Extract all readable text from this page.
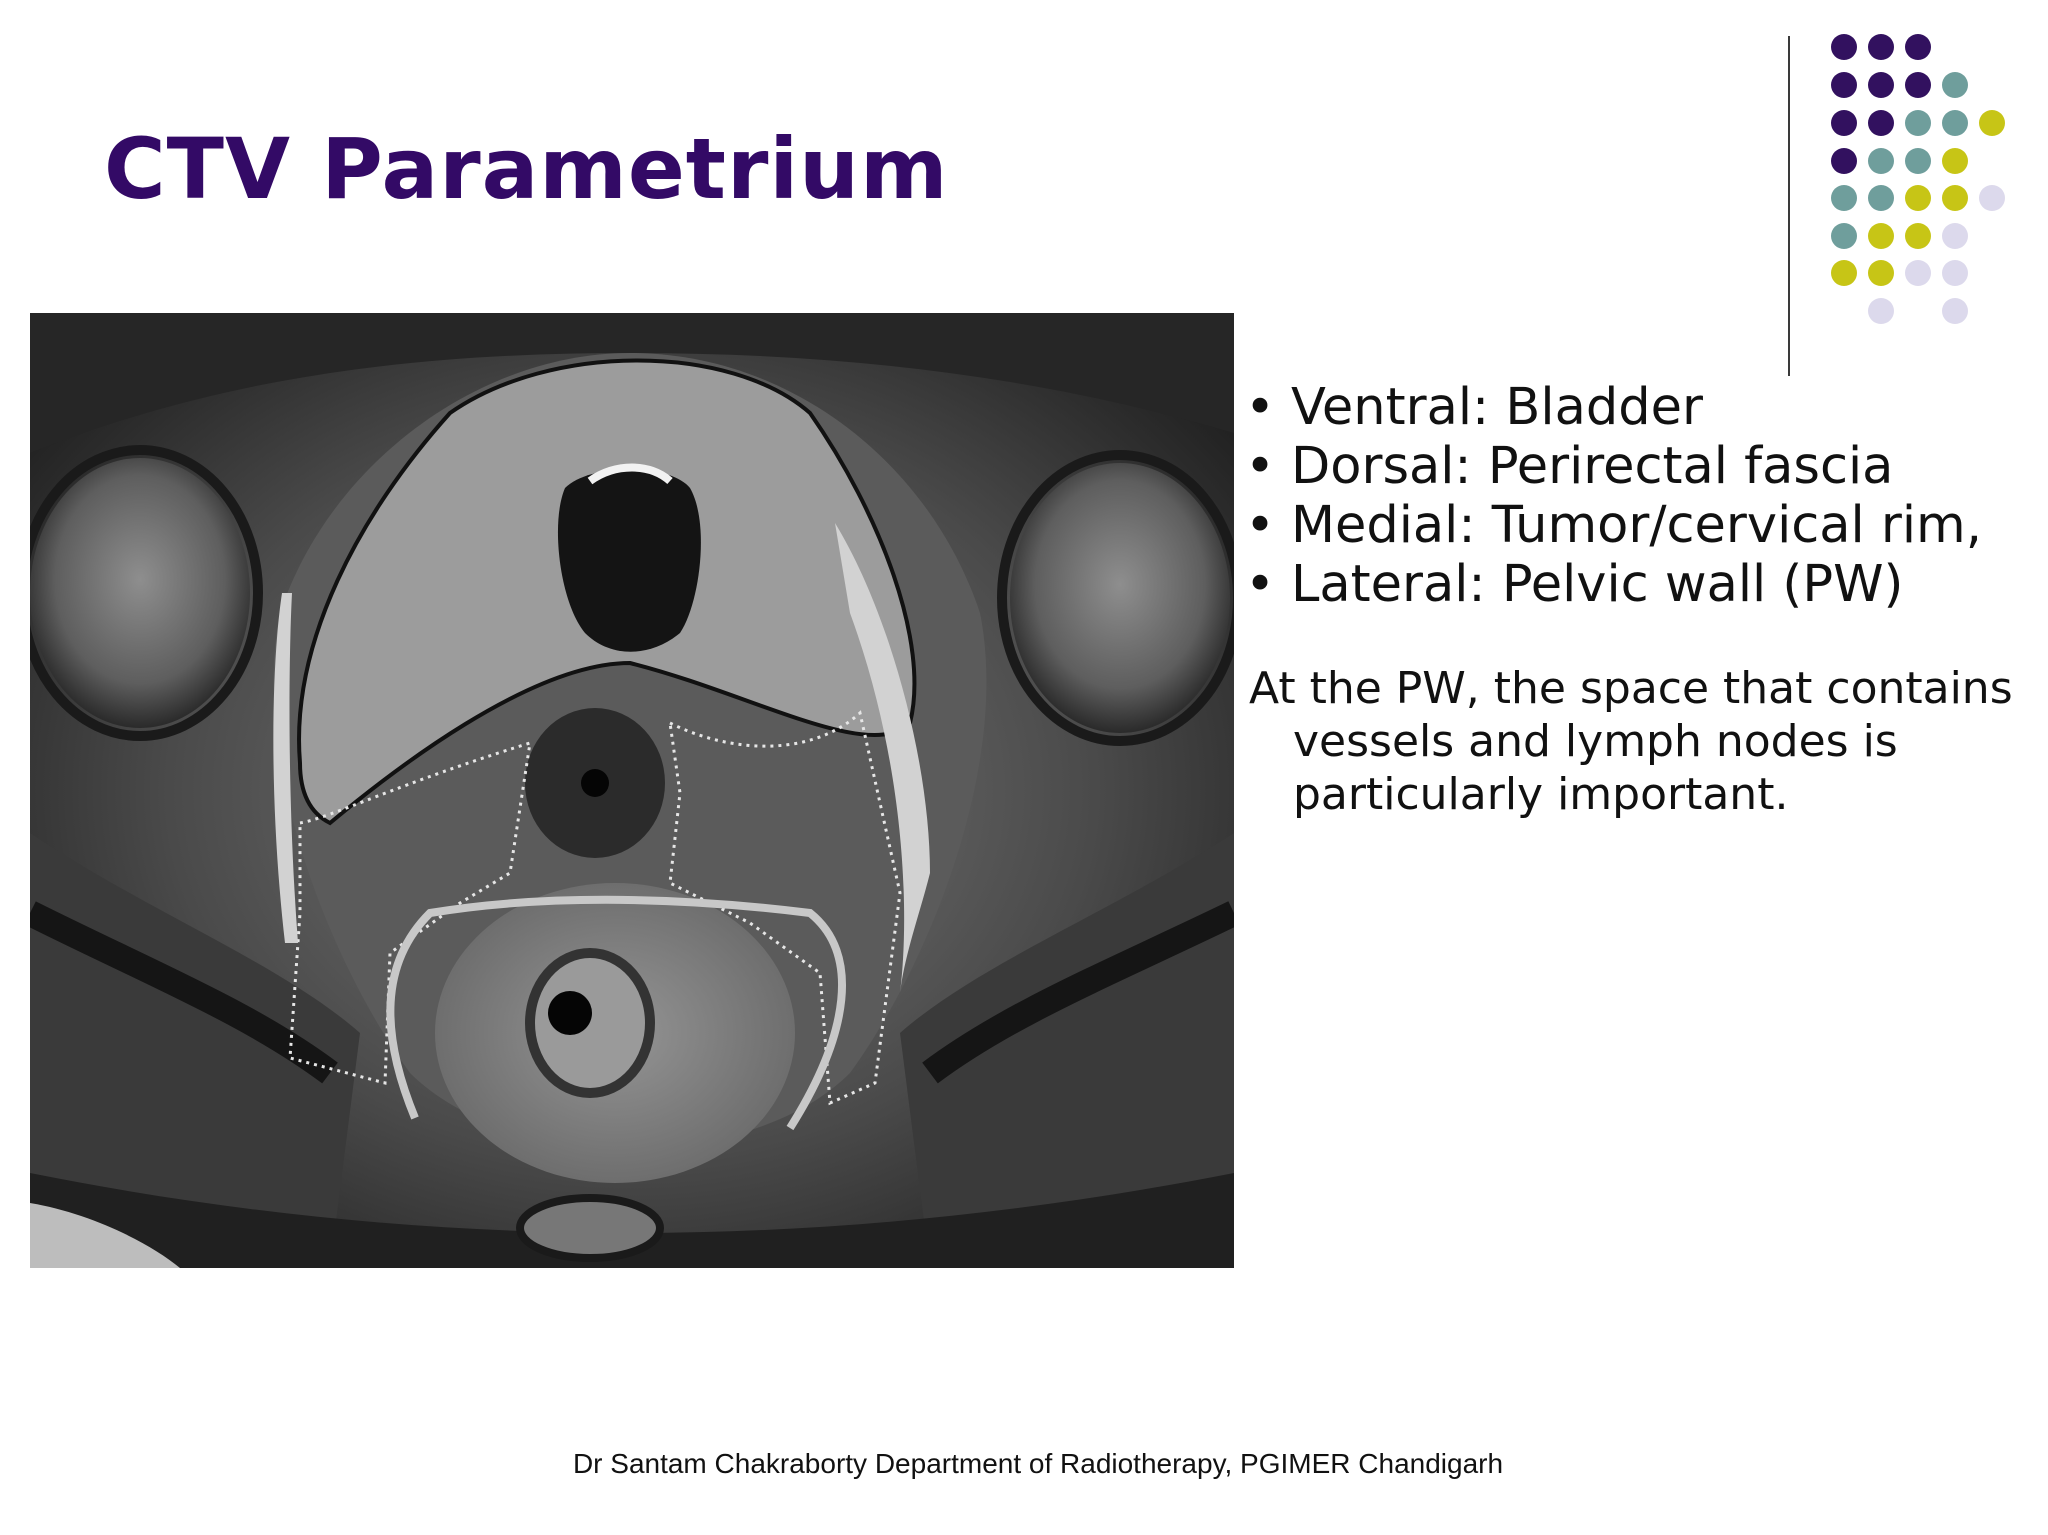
CTV Parametrium
• Ventral: Bladder
• Dorsal: Perirectal fascia
• Medial: Tumor/cervical rim,
• Lateral: Pelvic wall (PW)

At the PW, the space that contains vessels and lymph nodes is particularly important.

Dr Santam Chakraborty Department of Radiotherapy, PGIMER Chandigarh
